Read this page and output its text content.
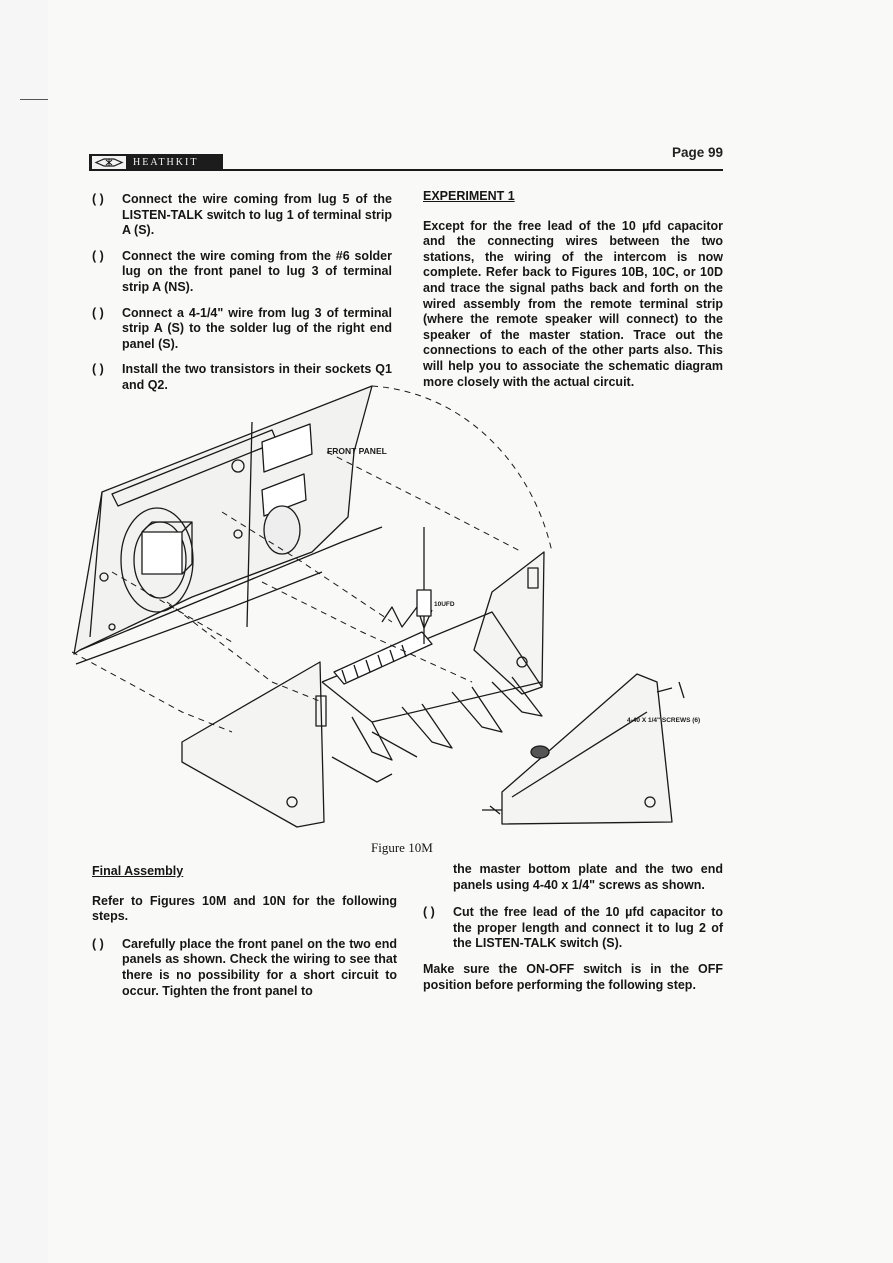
HEATHKIT
Page 99
( ) Connect the wire coming from lug 5 of the LISTEN-TALK switch to lug 1 of terminal strip A (S).
( ) Connect the wire coming from the #6 solder lug on the front panel to lug 3 of terminal strip A (NS).
( ) Connect a 4-1/4" wire from lug 3 of terminal strip A (S) to the solder lug of the right end panel (S).
( ) Install the two transistors in their sockets Q1 and Q2.
EXPERIMENT 1
Except for the free lead of the 10 µfd capacitor and the connecting wires between the two stations, the wiring of the intercom is now complete. Refer back to Figures 10B, 10C, or 10D and trace the signal paths back and forth on the wired assembly from the remote terminal strip (where the remote speaker will connect) to the speaker of the master station. Trace out the connections to each of the other parts also. This will help you to associate the schematic diagram more closely with the actual circuit.
FRONT PANEL
10UFD
4-40 X 1/4" SCREWS (6)
Figure 10M
Final Assembly
Refer to Figures 10M and 10N for the following steps.
( ) Carefully place the front panel on the two end panels as shown. Check the wiring to see that there is no possibility for a short circuit to occur. Tighten the front panel to
the master bottom plate and the two end panels using 4-40 x 1/4" screws as shown.
( ) Cut the free lead of the 10 µfd capacitor to the proper length and connect it to lug 2 of the LISTEN-TALK switch (S).
Make sure the ON-OFF switch is in the OFF position before performing the following step.
